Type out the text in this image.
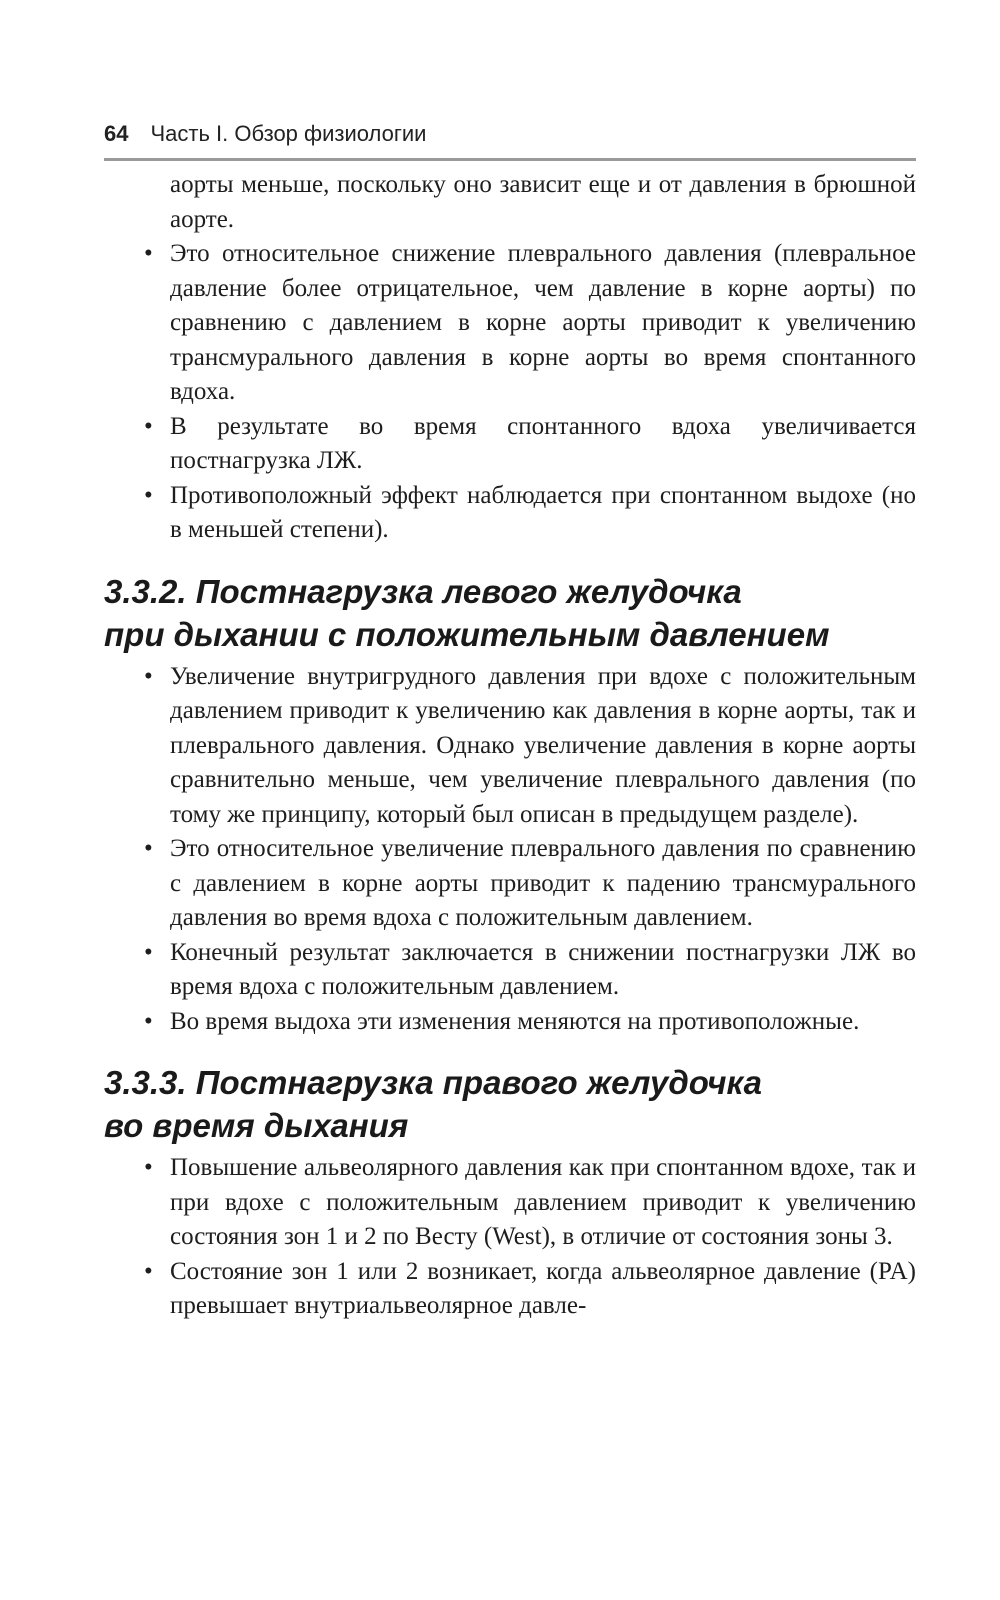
64 Часть I. Обзор физиологии
аорты меньше, поскольку оно зависит еще и от давления в брюшной аорте.
• Это относительное снижение плеврального давления (плевральное давление более отрицательное, чем давление в корне аорты) по сравнению с давлением в корне аорты приводит к увеличению трансмурального давления в корне аорты во время спонтанного вдоха.
• В результате во время спонтанного вдоха увеличивается постнагрузка ЛЖ.
• Противоположный эффект наблюдается при спонтанном выдохе (но в меньшей степени).
3.3.2. Постнагрузка левого желудочка
при дыхании с положительным давлением
• Увеличение внутригрудного давления при вдохе с положительным давлением приводит к увеличению как давления в корне аорты, так и плеврального давления. Однако увеличение давления в корне аорты сравнительно меньше, чем увеличение плеврального давления (по тому же принципу, который был описан в предыдущем разделе).
• Это относительное увеличение плеврального давления по сравнению с давлением в корне аорты приводит к падению трансмурального давления во время вдоха с положительным давлением.
• Конечный результат заключается в снижении постнагрузки ЛЖ во время вдоха с положительным давлением.
• Во время выдоха эти изменения меняются на противоположные.
3.3.3. Постнагрузка правого желудочка
во время дыхания
• Повышение альвеолярного давления как при спонтанном вдохе, так и при вдохе с положительным давлением приводит к увеличению состояния зон 1 и 2 по Весту (West), в отличие от состояния зоны 3.
• Состояние зон 1 или 2 возникает, когда альвеолярное давление (PA) превышает внутриальвеолярное давле-
